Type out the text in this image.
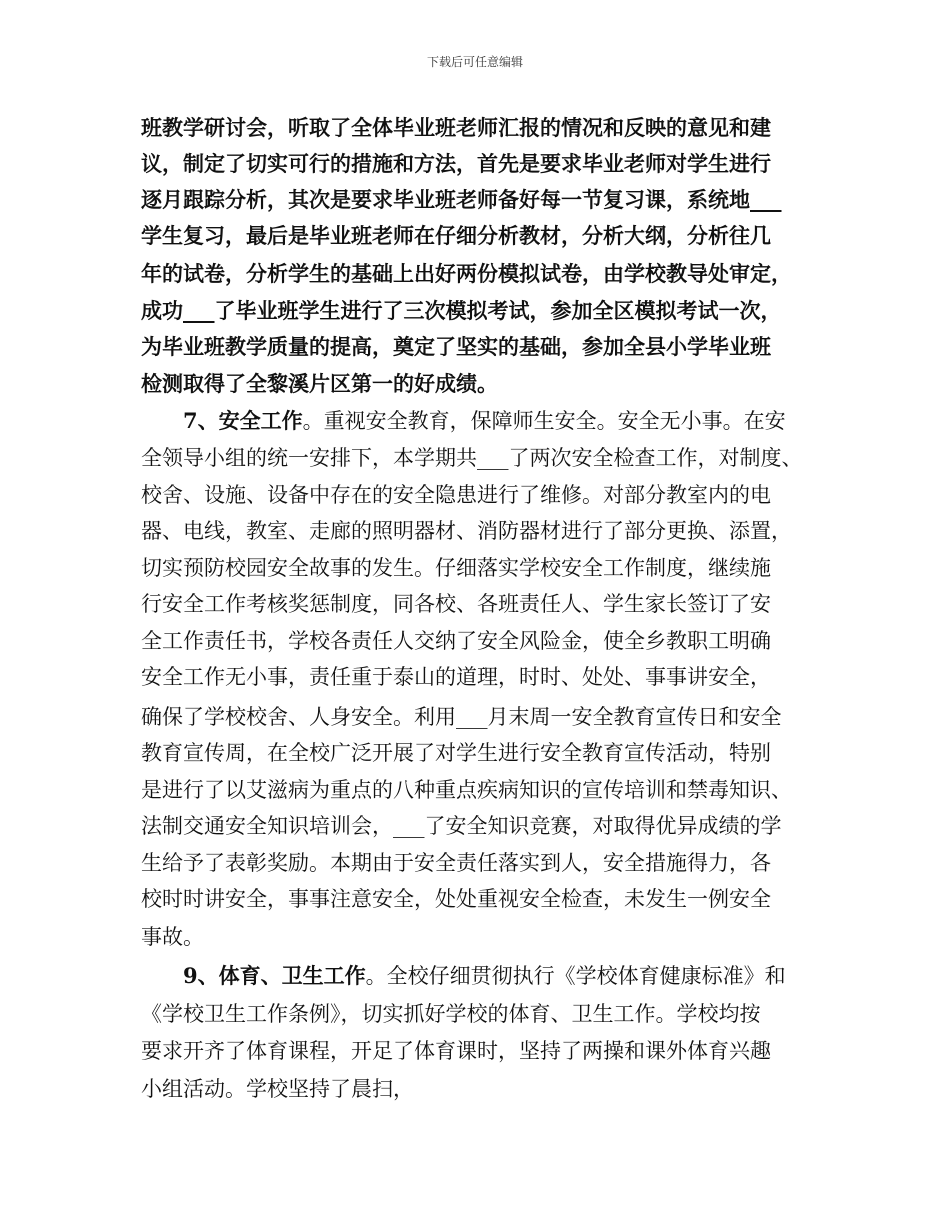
下载后可任意编辑
班教学研讨会，听取了全体毕业班老师汇报的情况和反映的意见和建
议，制定了切实可行的措施和方法，首先是要求毕业老师对学生进行
逐月跟踪分析，其次是要求毕业班老师备好每一节复习课，系统地___
学生复习，最后是毕业班老师在仔细分析教材，分析大纲，分析往几
年的试卷，分析学生的基础上出好两份模拟试卷，由学校教导处审定，
成功___了毕业班学生进行了三次模拟考试，参加全区模拟考试一次，
为毕业班教学质量的提高，奠定了坚实的基础，参加全县小学毕业班
检测取得了全黎溪片区第一的好成绩。
7、安全工作。重视安全教育，保障师生安全。安全无小事。在安
全领导小组的统一安排下，本学期共___了两次安全检查工作，对制度、
校舍、设施、设备中存在的安全隐患进行了维修。对部分教室内的电
器、电线，教室、走廊的照明器材、消防器材进行了部分更换、添置，
切实预防校园安全故事的发生。仔细落实学校安全工作制度，继续施
行安全工作考核奖惩制度，同各校、各班责任人、学生家长签订了安
全工作责任书，学校各责任人交纳了安全风险金，使全乡教职工明确
安全工作无小事，责任重于泰山的道理，时时、处处、事事讲安全，
确保了学校校舍、人身安全。利用___月末周一安全教育宣传日和安全
教育宣传周，在全校广泛开展了对学生进行安全教育宣传活动，特别
是进行了以艾滋病为重点的八种重点疾病知识的宣传培训和禁毒知识、
法制交通安全知识培训会，___了安全知识竞赛，对取得优异成绩的学
生给予了表彰奖励。本期由于安全责任落实到人，安全措施得力，各
校时时讲安全，事事注意安全，处处重视安全检查，未发生一例安全
事故。
9、体育、卫生工作。全校仔细贯彻执行《学校体育健康标准》和
《学校卫生工作条例》，切实抓好学校的体育、卫生工作。学校均按
要求开齐了体育课程，开足了体育课时，坚持了两操和课外体育兴趣
小组活动。学校坚持了晨扫，
